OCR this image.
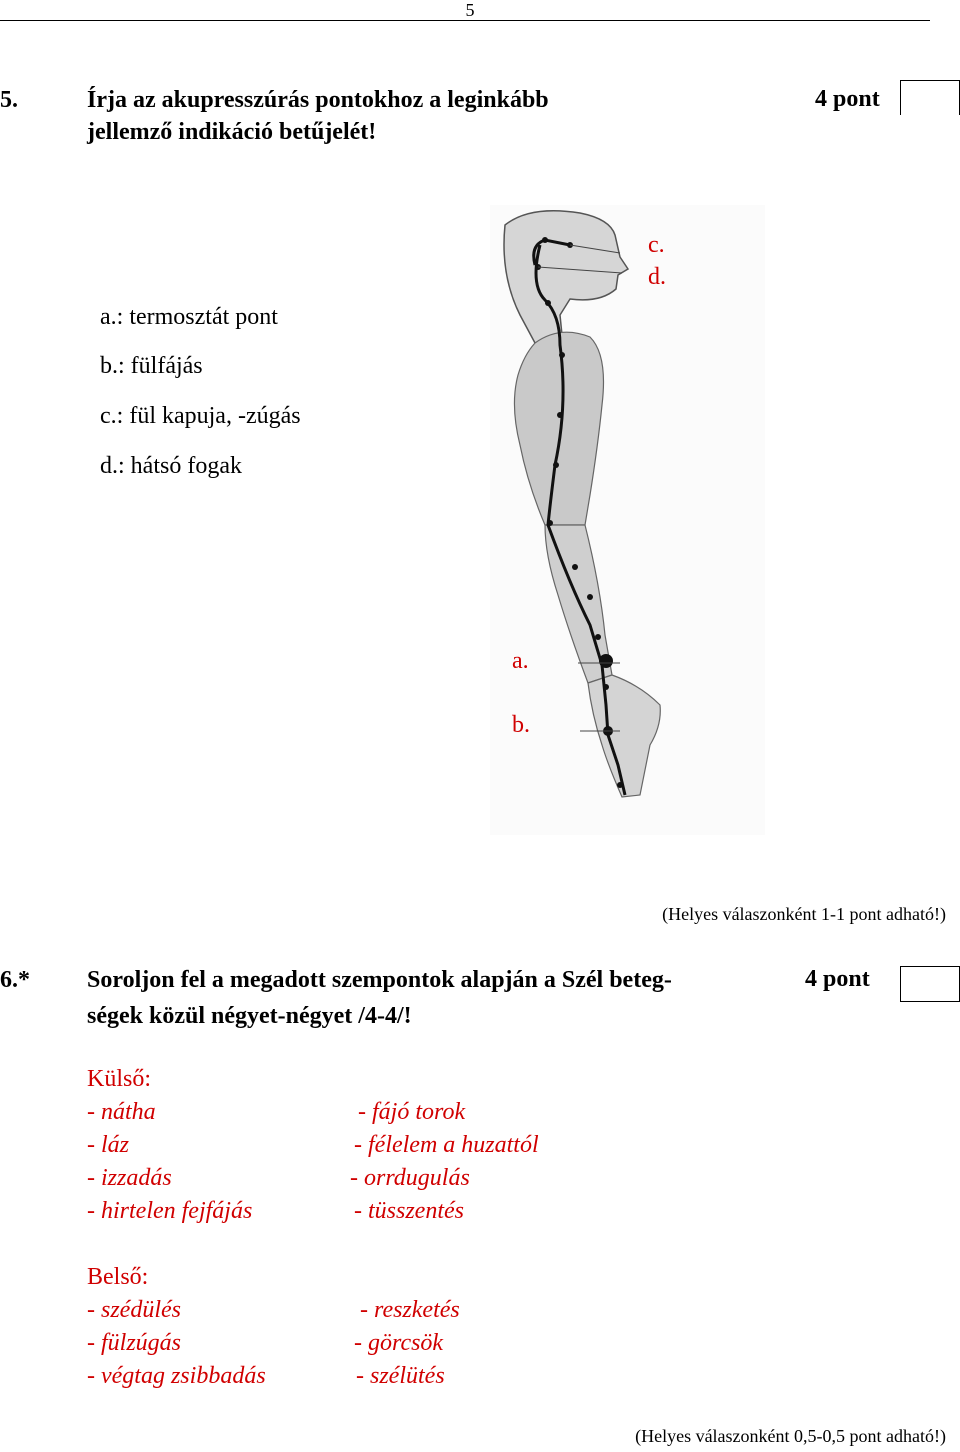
5
5.	Írja az akupresszúrás pontokhoz a leginkább
jellemző indikáció betűjelét!
4 pont
a.: termosztát pont
b.: fülfájás
c.: fül kapuja, -zúgás
d.: hátsó fogak
c.
d.
a.
b.
(Helyes válaszonként 1-1 pont adható!)
6.* Soroljon fel a megadott szempontok alapján a Szél beteg-
ségek közül négyet-négyet /4-4/!
4 pont
Külső:
- nátha
- láz
- izzadás
- hirtelen fejfájás
- fájó torok
- félelem a huzattól
- orrdugulás
- tüsszentés
Belső:
- szédülés
- fülzúgás
- végtag zsibbadás
- reszketés
- görcsök
- szélütés
(Helyes válaszonként 0,5-0,5 pont adható!)
